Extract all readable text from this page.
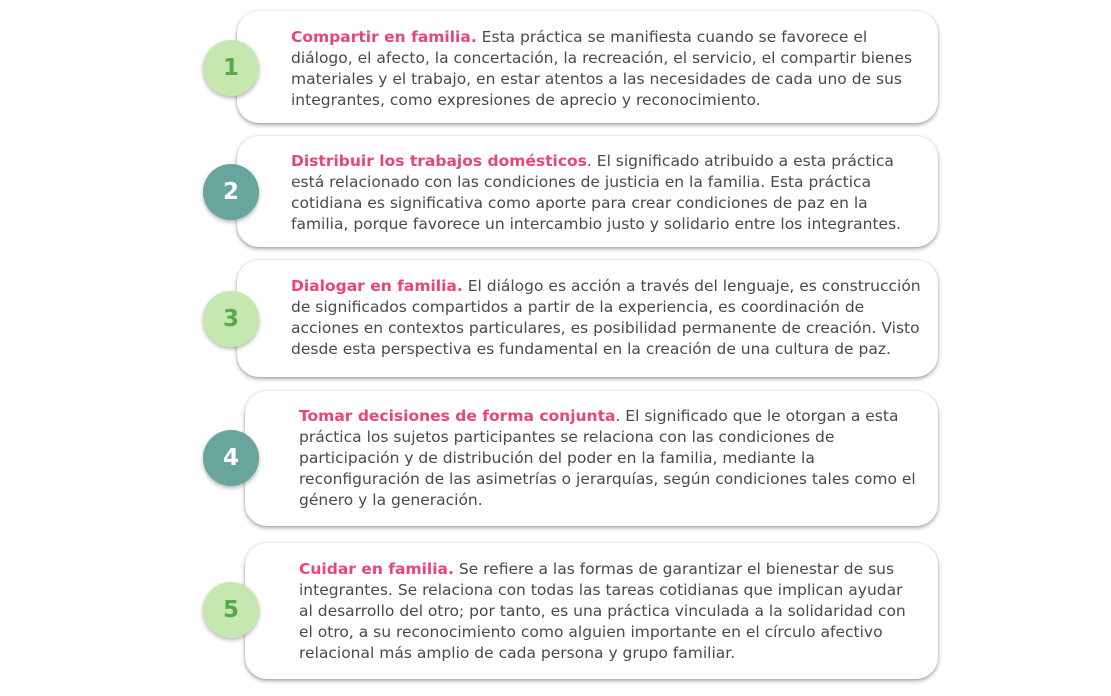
1

Compartir en familia. Esta práctica se manifiesta cuando se favorece el diálogo, el afecto, la concertación, la recreación, el servicio, el compartir bienes materiales y el trabajo, en estar atentos a las necesidades de cada uno de sus integrantes, como expresiones de aprecio y reconocimiento.

2

Distribuir los trabajos domésticos. El significado atribuido a esta práctica está relacionado con las condiciones de justicia en la familia. Esta práctica cotidiana es significativa como aporte para crear condiciones de paz en la familia, porque favorece un intercambio justo y solidario entre los integrantes.

3

Dialogar en familia. El diálogo es acción a través del lenguaje, es construcción de significados compartidos a partir de la experiencia, es coordinación de acciones en contextos particulares, es posibilidad permanente de creación. Visto desde esta perspectiva es fundamental en la creación de una cultura de paz.

4

Tomar decisiones de forma conjunta. El significado que le otorgan a esta práctica los sujetos participantes se relaciona con las condiciones de participación y de distribución del poder en la familia, mediante la reconfiguración de las asimetrías o jerarquías, según condiciones tales como el género y la generación.

5

Cuidar en familia. Se refiere a las formas de garantizar el bienestar de sus integrantes. Se relaciona con todas las tareas cotidianas que implican ayudar al desarrollo del otro; por tanto, es una práctica vinculada a la solidaridad con el otro, a su reconocimiento como alguien importante en el círculo afectivo relacional más amplio de cada persona y grupo familiar.
